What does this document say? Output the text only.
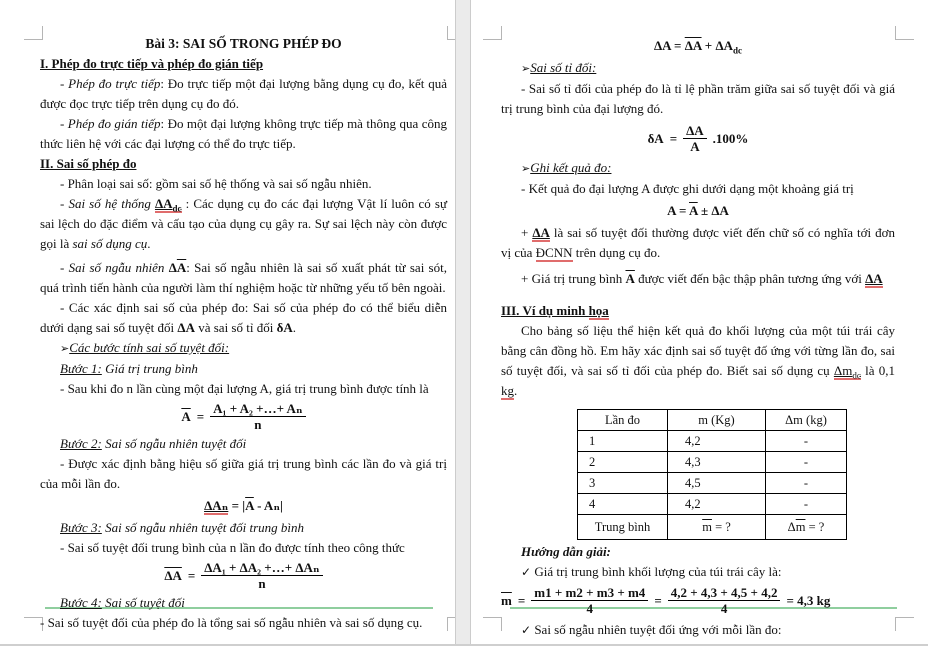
Bài 3: SAI SỐ TRONG PHÉP ĐO

I. Phép đo trực tiếp và phép đo gián tiếp

- Phép đo trực tiếp: Đo trực tiếp một đại lượng bằng dụng cụ đo, kết quả được đọc trực tiếp trên dụng cụ đo đó.

- Phép đo gián tiếp: Đo một đại lượng không trực tiếp mà thông qua công thức liên hệ với các đại lượng có thể đo trực tiếp.

II. Sai số phép đo

- Phân loại sai số: gồm sai số hệ thống và sai số ngẫu nhiên.

- Sai số hệ thống $\Delta A_{dc}$ : Các dụng cụ đo các đại lượng Vật lí luôn có sự sai lệch do đặc điểm và cấu tạo của dụng cụ gây ra. Sự sai lệch này còn được gọi là sai số dụng cụ.

- Sai số ngẫu nhiên $\Delta\overline{A}$: Sai số ngẫu nhiên là sai số xuất phát từ sai sót, quá trình tiến hành của người làm thí nghiệm hoặc từ những yếu tố bên ngoài.

- Các xác định sai số của phép đo: Sai số của phép đo có thể biểu diễn dưới dạng sai số tuyệt đối ΔA và sai số tỉ đối δA.

➢Các bước tính sai số tuyệt đối:

Bước 1: Giá trị trung bình

- Sau khi đo n lần cùng một đại lượng A, giá trị trung bình được tính là

$\overline{A} = \frac{\text{A₁ + A₂ +…+ Aₙ}}{n}$

Bước 2: Sai số ngẫu nhiên tuyệt đối

- Được xác định bằng hiệu số giữa giá trị trung bình các lần đo và giá trị của mỗi lần đo.

$\Delta A_n = |\overline{A} - A_n|$

Bước 3: Sai số ngẫu nhiên tuyệt đối trung bình

- Sai số tuyệt đối trung bình của n lần đo được tính theo công thức

$\overline{\Delta A} = \frac{\text{ΔA₁ + ΔA₂ +…+ ΔAₙ}}{n}$

Bước 4: Sai số tuyệt đối

- Sai số tuyệt đối của phép đo là tổng sai số ngẫu nhiên và sai số dụng cụ.

$\Delta A = \overline{\Delta A} + \Delta A_{dc}$

➢Sai số tỉ đối:

- Sai số tỉ đối của phép đo là tỉ lệ phần trăm giữa sai số tuyệt đối và giá trị trung bình của đại lượng đó.

$\delta A = \frac{\Delta A}{A} .100\%$

➢Ghi kết quả đo:

- Kết quả đo đại lượng A được ghi dưới dạng một khoảng giá trị

$A = \overline{A} \pm \Delta A$

+ ΔA là sai số tuyệt đối thường được viết đến chữ số có nghĩa tới đơn vị của ĐCNN trên dụng cụ đo.

+ Giá trị trung bình $\overline{A}$ được viết đến bậc thập phân tương ứng với ΔA

III. Ví dụ minh họa

Cho bảng số liệu thể hiện kết quả đo khối lượng của một túi trái cây bằng cân đồng hồ. Em hãy xác định sai số tuyệt đố ứng với từng lần đo, sai số tuyệt đối, và sai số tỉ đối của phép đo. Biết sai số dụng cụ $\Delta m_{dc}$ là 0,1 kg.

Lần đo	m (Kg)	Δm (kg)
1	4,2	-
2	4,3	-
3	4,5	-
4	4,2	-
Trung bình	$\overline{m}$ = ?	$\Delta\overline{m}$ = ?

Hướng dẫn giải:

✓ Giá trị trung bình khối lượng của túi trái cây là:

$\overline{m} = \frac{m1 + m2 + m3 + m4}{4} = \frac{4,2 + 4,3 + 4,5 + 4,2}{4} = 4,3$ kg

✓ Sai số ngẫu nhiên tuyệt đối ứng với mỗi lần đo:
